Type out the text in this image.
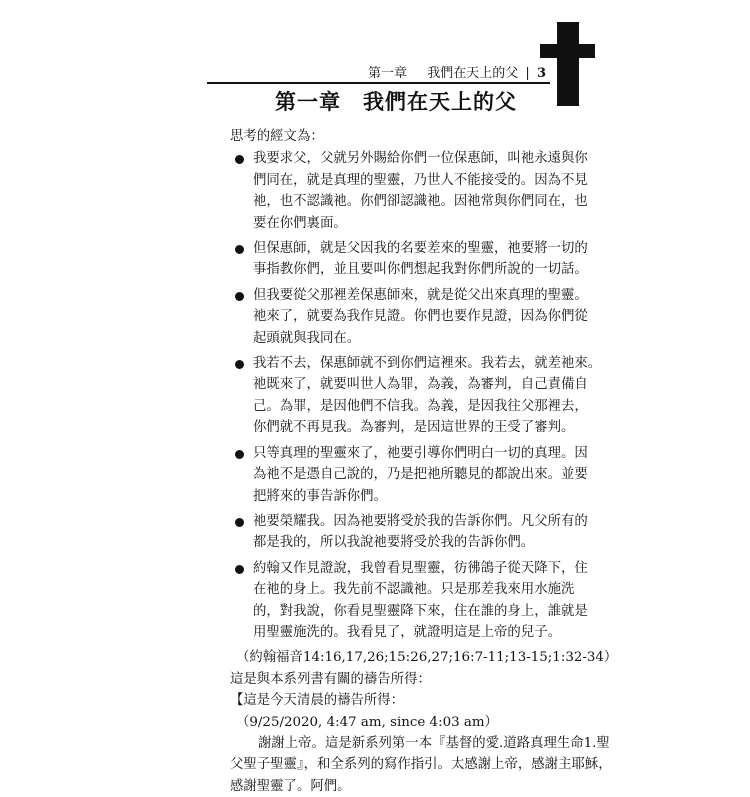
第一章 我們在天上的父 | 3
第一章　我們在天上的父
思考的經文為：
我要求父，父就另外賜給你們一位保惠師，叫祂永遠與你
們同在，就是真理的聖靈，乃世人不能接受的。因為不見
祂，也不認識祂。你們卻認識祂。因祂常與你們同在，也
要在你們裏面。
但保惠師，就是父因我的名要差來的聖靈，祂要將一切的
事指教你們，並且要叫你們想起我對你們所說的一切話。
但我要從父那裡差保惠師來，就是從父出來真理的聖靈。
祂來了，就要為我作見證。你們也要作見證，因為你們從
起頭就與我同在。
我若不去，保惠師就不到你們這裡來。我若去，就差祂來。
祂既來了，就要叫世人為罪，為義，為審判，自己責備自
己。為罪，是因他們不信我。為義，是因我往父那裡去，
你們就不再見我。為審判，是因這世界的王受了審判。
只等真理的聖靈來了，祂要引導你們明白一切的真理。因
為祂不是憑自己說的，乃是把祂所聽見的都說出來。並要
把將來的事告訴你們。
祂要榮耀我。因為祂要將受於我的告訴你們。凡父所有的
都是我的，所以我說祂要將受於我的告訴你們。
約翰又作見證說，我曾看見聖靈，彷彿鴿子從天降下，住
在祂的身上。我先前不認識祂。只是那差我來用水施洗
的，對我說，你看見聖靈降下來，住在誰的身上，誰就是
用聖靈施洗的。我看見了，就證明這是上帝的兒子。
（約翰福音14:16,17,26;15:26,27;16:7-11;13-15;1:32-34）
這是與本系列書有關的禱告所得：
【這是今天清晨的禱告所得：
（9/25/2020, 4:47 am, since 4:03 am）
謝謝上帝。這是新系列第一本『基督的愛.道路真理生命1.聖
父聖子聖靈』，和全系列的寫作指引。太感謝上帝，感謝主耶穌，
感謝聖靈了。阿們。
